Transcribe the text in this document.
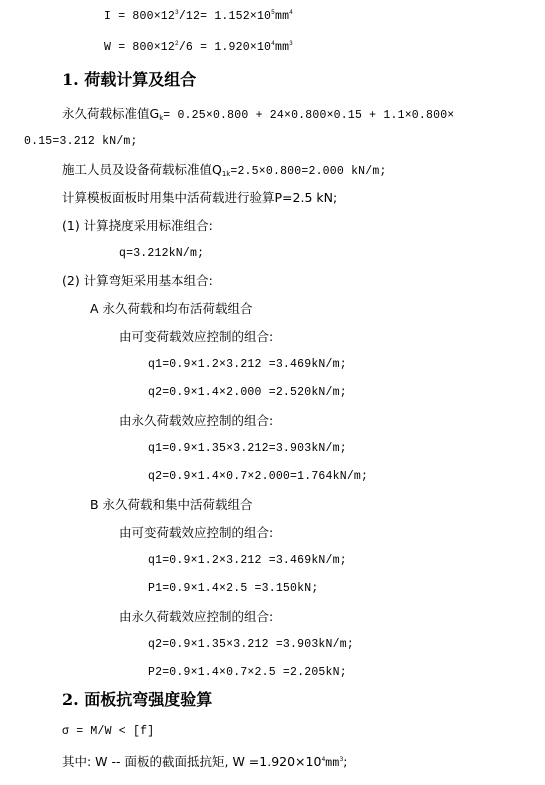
$I = 800\times 12^3/12= 1.152\times 10^5mm^4$
$W = 800\times 12^2/6 = 1.920\times 10^4mm^3$
1. 荷载计算及组合
永久荷载标准值$G_k= 0.25\times 0.800 + 24\times 0.800\times 0.15 + 1.1\times 0.800\times$
0.15=3.212 kN/m;
施工人员及设备荷载标准值$Q_{1k}=2.5\times 0.800=2.000$ kN/m;
计算模板面板时用集中活荷载进行验算P=2.5 kN;
(1) 计算挠度采用标准组合:
q=3.212kN/m;
(2) 计算弯矩采用基本组合:
A 永久荷载和均布活荷载组合
由可变荷载效应控制的组合:
q1=0.9×1.2×3.212 =3.469kN/m;
q2=0.9×1.4×2.000 =2.520kN/m;
由永久荷载效应控制的组合:
q1=0.9×1.35×3.212=3.903kN/m;
q2=0.9×1.4×0.7×2.000=1.764kN/m;
B 永久荷载和集中活荷载组合
由可变荷载效应控制的组合:
q1=0.9×1.2×3.212 =3.469kN/m;
P1=0.9×1.4×2.5 =3.150kN;
由永久荷载效应控制的组合:
q2=0.9×1.35×3.212 =3.903kN/m;
P2=0.9×1.4×0.7×2.5 =2.205kN;
2. 面板抗弯强度验算
σ = M/W < [f]
其中: W -- 面板的截面抵抗矩, $W =1.920\times 10^4mm^3$;
